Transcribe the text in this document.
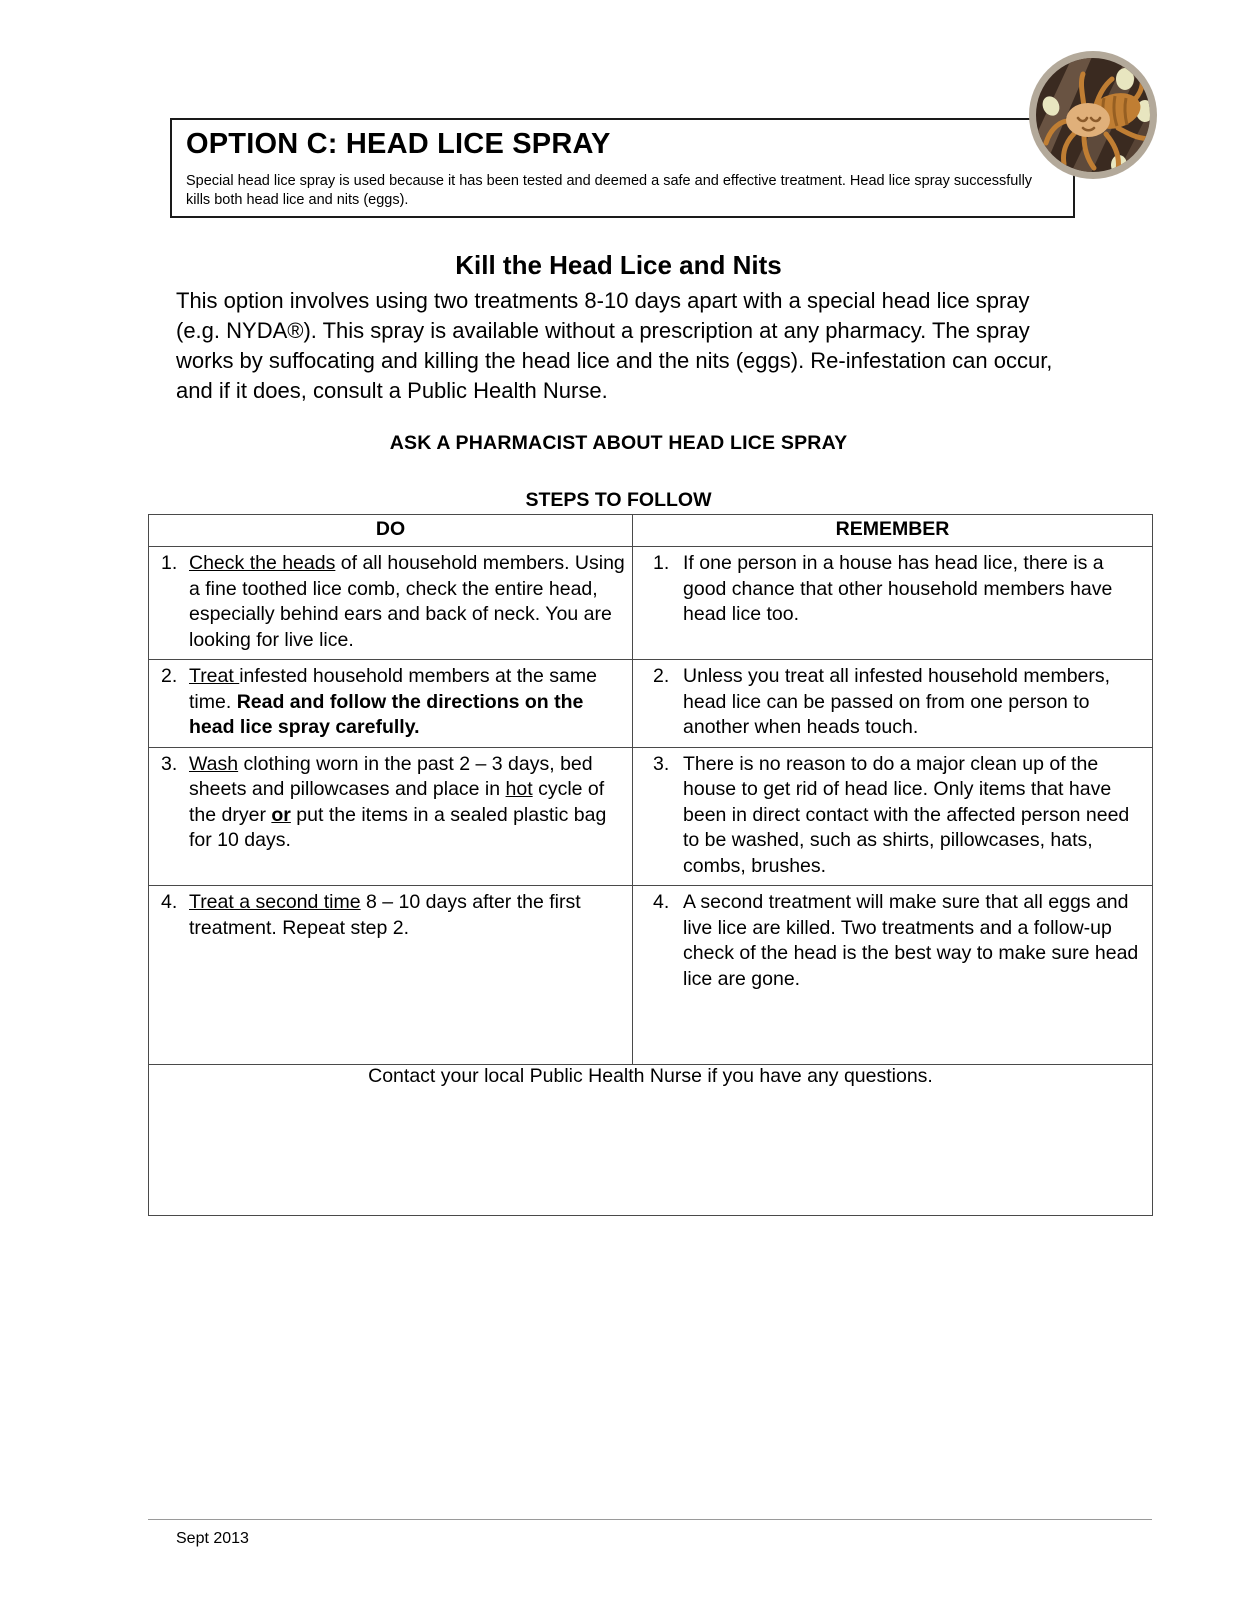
OPTION C: HEAD LICE SPRAY
Special head lice spray is used because it has been tested and deemed a safe and effective treatment. Head lice spray successfully kills both head lice and nits (eggs).
Kill the Head Lice and Nits
This option involves using two treatments 8-10 days apart with a special head lice spray (e.g. NYDA®). This spray is available without a prescription at any pharmacy. The spray works by suffocating and killing the head lice and the nits (eggs). Re-infestation can occur, and if it does, consult a Public Health Nurse.
ASK A PHARMACIST ABOUT HEAD LICE SPRAY
STEPS TO FOLLOW
DO	REMEMBER

1. Check the heads of all household members. Using a fine toothed lice comb, check the entire head, especially behind ears and back of neck. You are looking for live lice.	1. If one person in a house has head lice, there is a good chance that other household members have head lice too.

2. Treat infested household members at the same time. Read and follow the directions on the head lice spray carefully.	2. Unless you treat all infested household members, head lice can be passed on from one person to another when heads touch.

3. Wash clothing worn in the past 2 – 3 days, bed sheets and pillowcases and place in hot cycle of the dryer or put the items in a sealed plastic bag for 10 days.	3. There is no reason to do a major clean up of the house to get rid of head lice. Only items that have been in direct contact with the affected person need to be washed, such as shirts, pillowcases, hats, combs, brushes.

4. Treat a second time 8 – 10 days after the first treatment. Repeat step 2.	4. A second treatment will make sure that all eggs and live lice are killed. Two treatments and a follow-up check of the head is the best way to make sure head lice are gone.

Contact your local Public Health Nurse if you have any questions.	
Sept 2013
